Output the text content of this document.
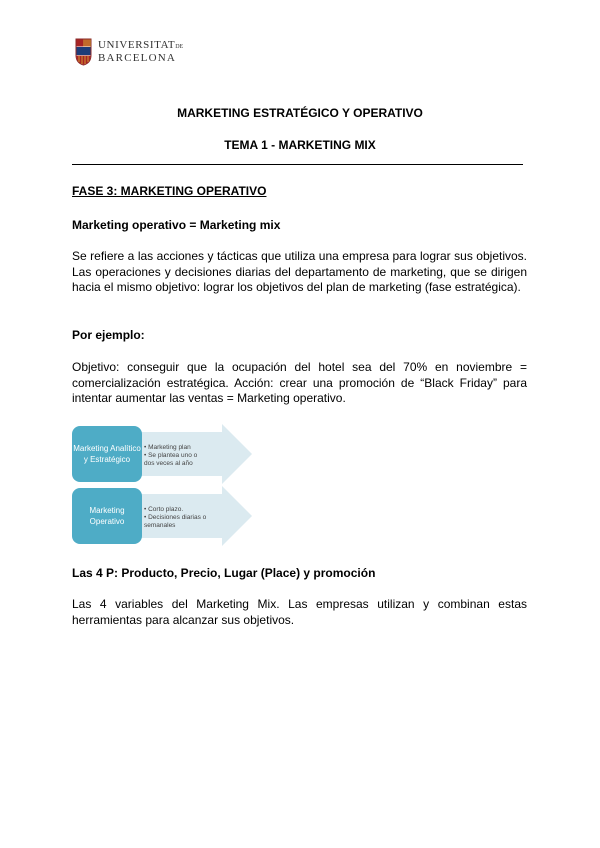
UNIVERSITATDE
BARCELONA
MARKETING ESTRATÉGICO Y OPERATIVO
TEMA 1 - MARKETING MIX
FASE 3: MARKETING OPERATIVO
Marketing operativo = Marketing mix
Se refiere a las acciones y tácticas que utiliza una empresa para lograr sus objetivos. Las operaciones y decisiones diarias del departamento de marketing, que se dirigen hacia el mismo objetivo: lograr los objetivos del plan de marketing (fase estratégica).
Por ejemplo:
Objetivo: conseguir que la ocupación del hotel sea del 70% en noviembre = comercialización estratégica. Acción: crear una promoción de “Black Friday” para intentar aumentar las ventas = Marketing operativo.
Marketing Analítico y Estratégico
Marketing Operativo
• Marketing plan
• Se plantea uno o dos veces al año
• Corto plazo.
• Decisiones diarias o semanales
Las 4 P: Producto, Precio, Lugar (Place) y promoción
Las 4 variables del Marketing Mix. Las empresas utilizan y combinan estas herramientas para alcanzar sus objetivos.
